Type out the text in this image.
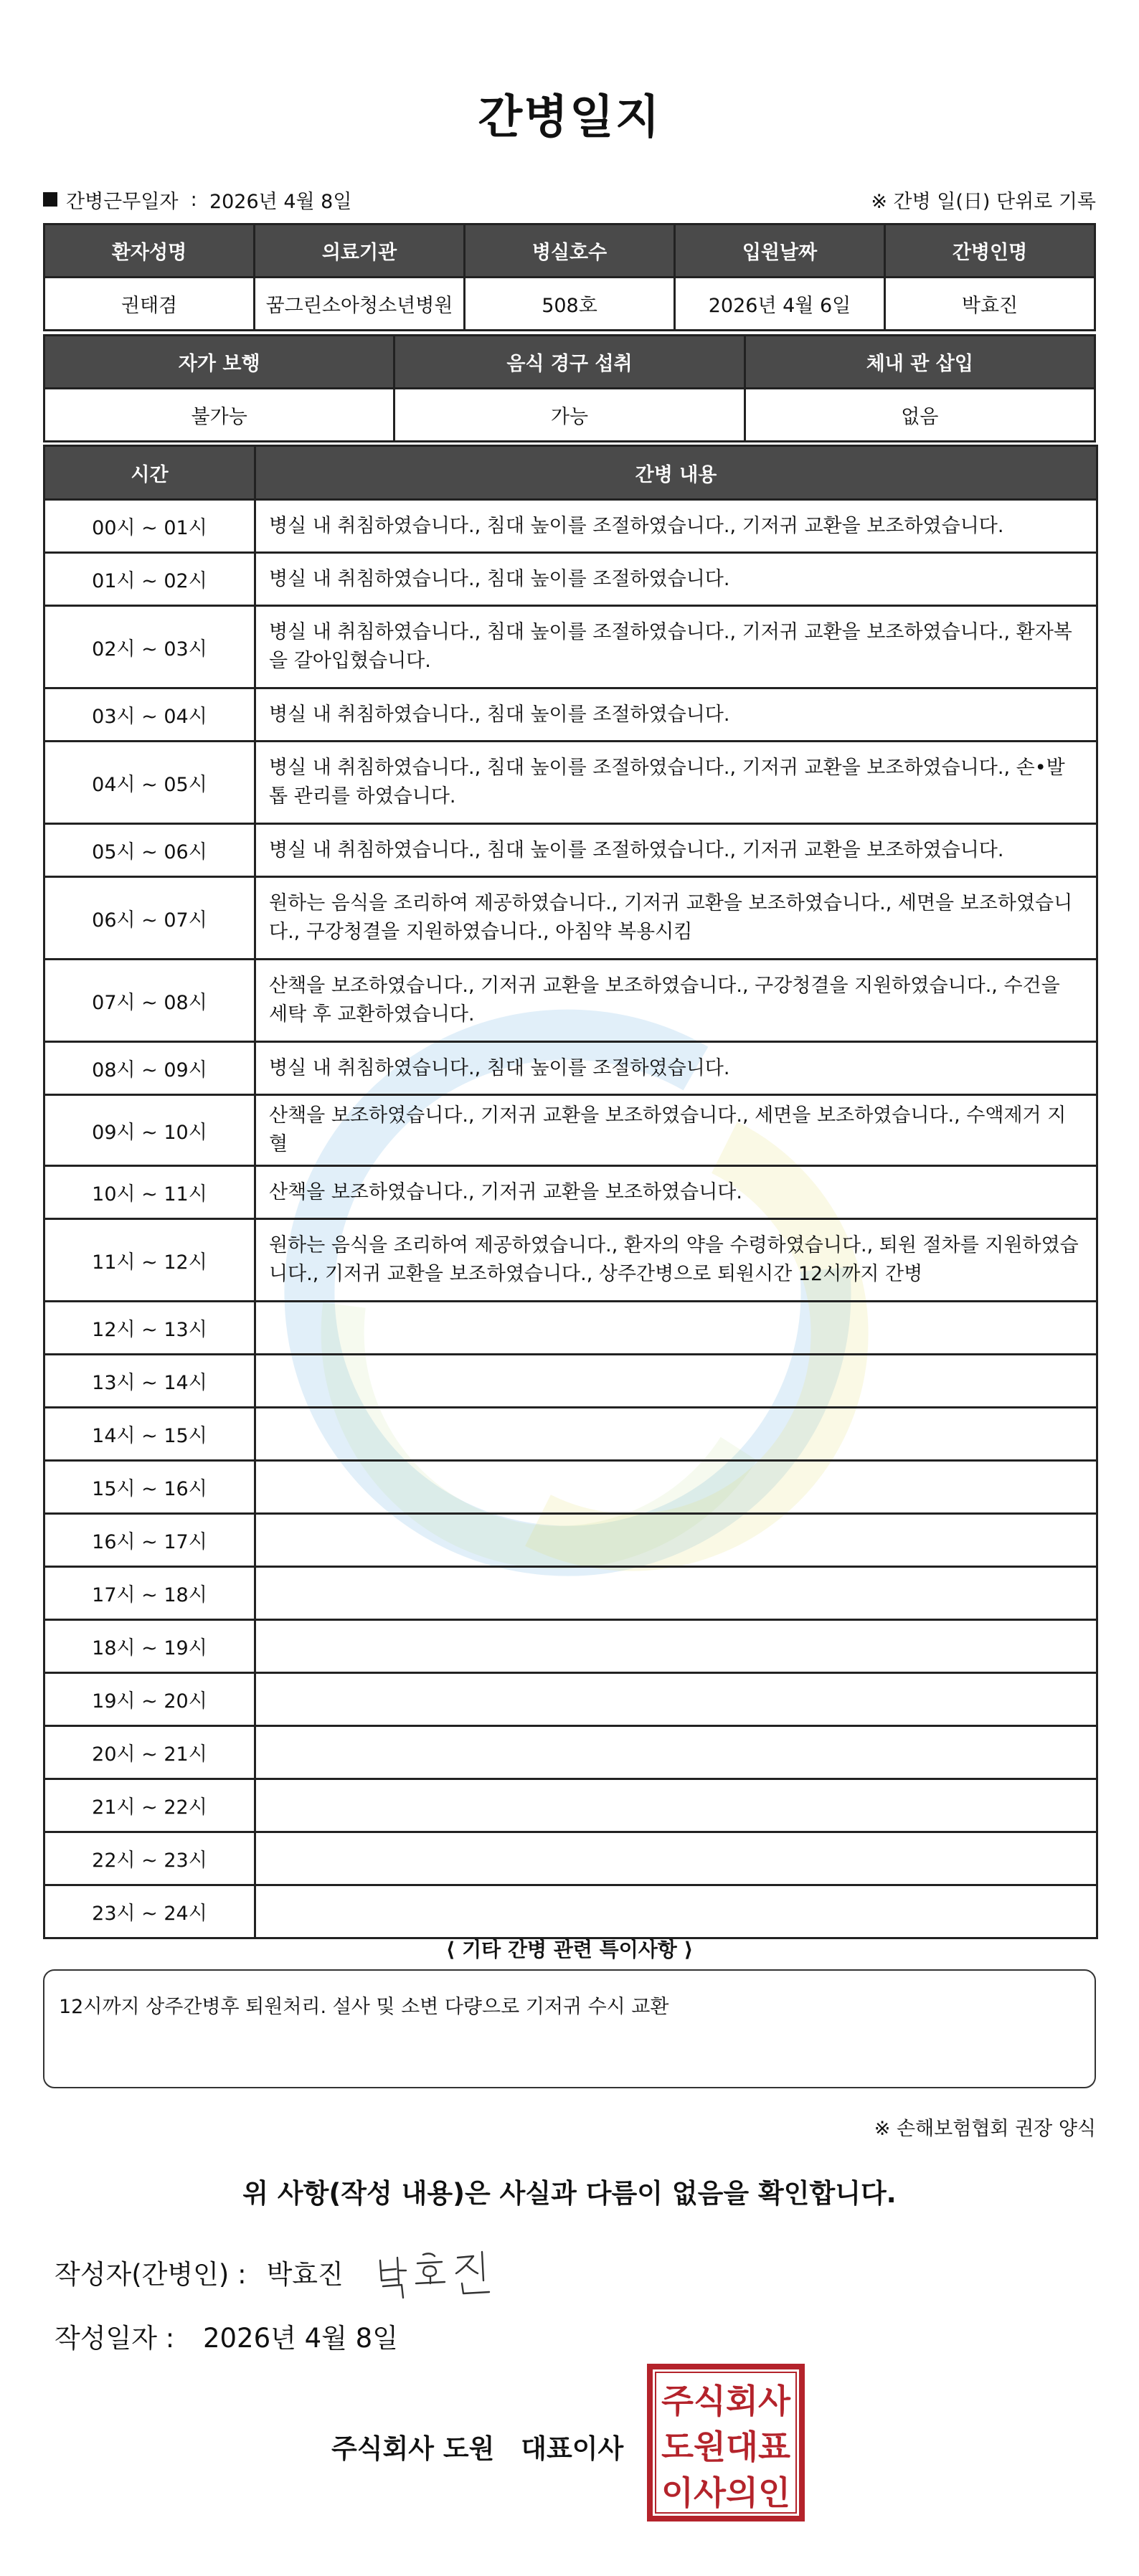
간병일지
간병근무일자 : 2026년 4월 8일	※ 간병 일(日) 단위로 기록
환자성명	의료기관	병실호수	입원날짜	간병인명
권태겸	꿈그린소아청소년병원	508호	2026년 4월 6일	박효진
자가 보행	음식 경구 섭취	체내 관 삽입
불가능	가능	없음
시간	간병 내용
00시 ~ 01시	병실 내 취침하였습니다., 침대 높이를 조절하였습니다., 기저귀 교환을 보조하였습니다.
01시 ~ 02시	병실 내 취침하였습니다., 침대 높이를 조절하였습니다.
02시 ~ 03시	병실 내 취침하였습니다., 침대 높이를 조절하였습니다., 기저귀 교환을 보조하였습니다., 환자복을 갈아입혔습니다.
03시 ~ 04시	병실 내 취침하였습니다., 침대 높이를 조절하였습니다.
04시 ~ 05시	병실 내 취침하였습니다., 침대 높이를 조절하였습니다., 기저귀 교환을 보조하였습니다., 손•발톱 관리를 하였습니다.
05시 ~ 06시	병실 내 취침하였습니다., 침대 높이를 조절하였습니다., 기저귀 교환을 보조하였습니다.
06시 ~ 07시	원하는 음식을 조리하여 제공하였습니다., 기저귀 교환을 보조하였습니다., 세면을 보조하였습니다., 구강청결을 지원하였습니다., 아침약 복용시킴
07시 ~ 08시	산책을 보조하였습니다., 기저귀 교환을 보조하였습니다., 구강청결을 지원하였습니다., 수건을 세탁 후 교환하였습니다.
08시 ~ 09시	병실 내 취침하였습니다., 침대 높이를 조절하였습니다.
09시 ~ 10시	산책을 보조하였습니다., 기저귀 교환을 보조하였습니다., 세면을 보조하였습니다., 수액제거 지혈
10시 ~ 11시	산책을 보조하였습니다., 기저귀 교환을 보조하였습니다.
11시 ~ 12시	원하는 음식을 조리하여 제공하였습니다., 환자의 약을 수령하였습니다., 퇴원 절차를 지원하였습니다., 기저귀 교환을 보조하였습니다., 상주간병으로 퇴원시간 12시까지 간병
12시 ~ 13시	
13시 ~ 14시	
14시 ~ 15시	
15시 ~ 16시	
16시 ~ 17시	
17시 ~ 18시	
18시 ~ 19시	
19시 ~ 20시	
20시 ~ 21시	
21시 ~ 22시	
22시 ~ 23시	
23시 ~ 24시	
⟨ 기타 간병 관련 특이사항 ⟩
12시까지 상주간병후 퇴원처리. 설사 및 소변 다량으로 기저귀 수시 교환
※ 손해보험협회 권장 양식
위 사항(작성 내용)은 사실과 다름이 없음을 확인합니다.
작성자(간병인) : 박효진
작성일자 : 2026년 4월 8일
주식회사 도원 대표이사
주식회사
도원대표
이사의인
